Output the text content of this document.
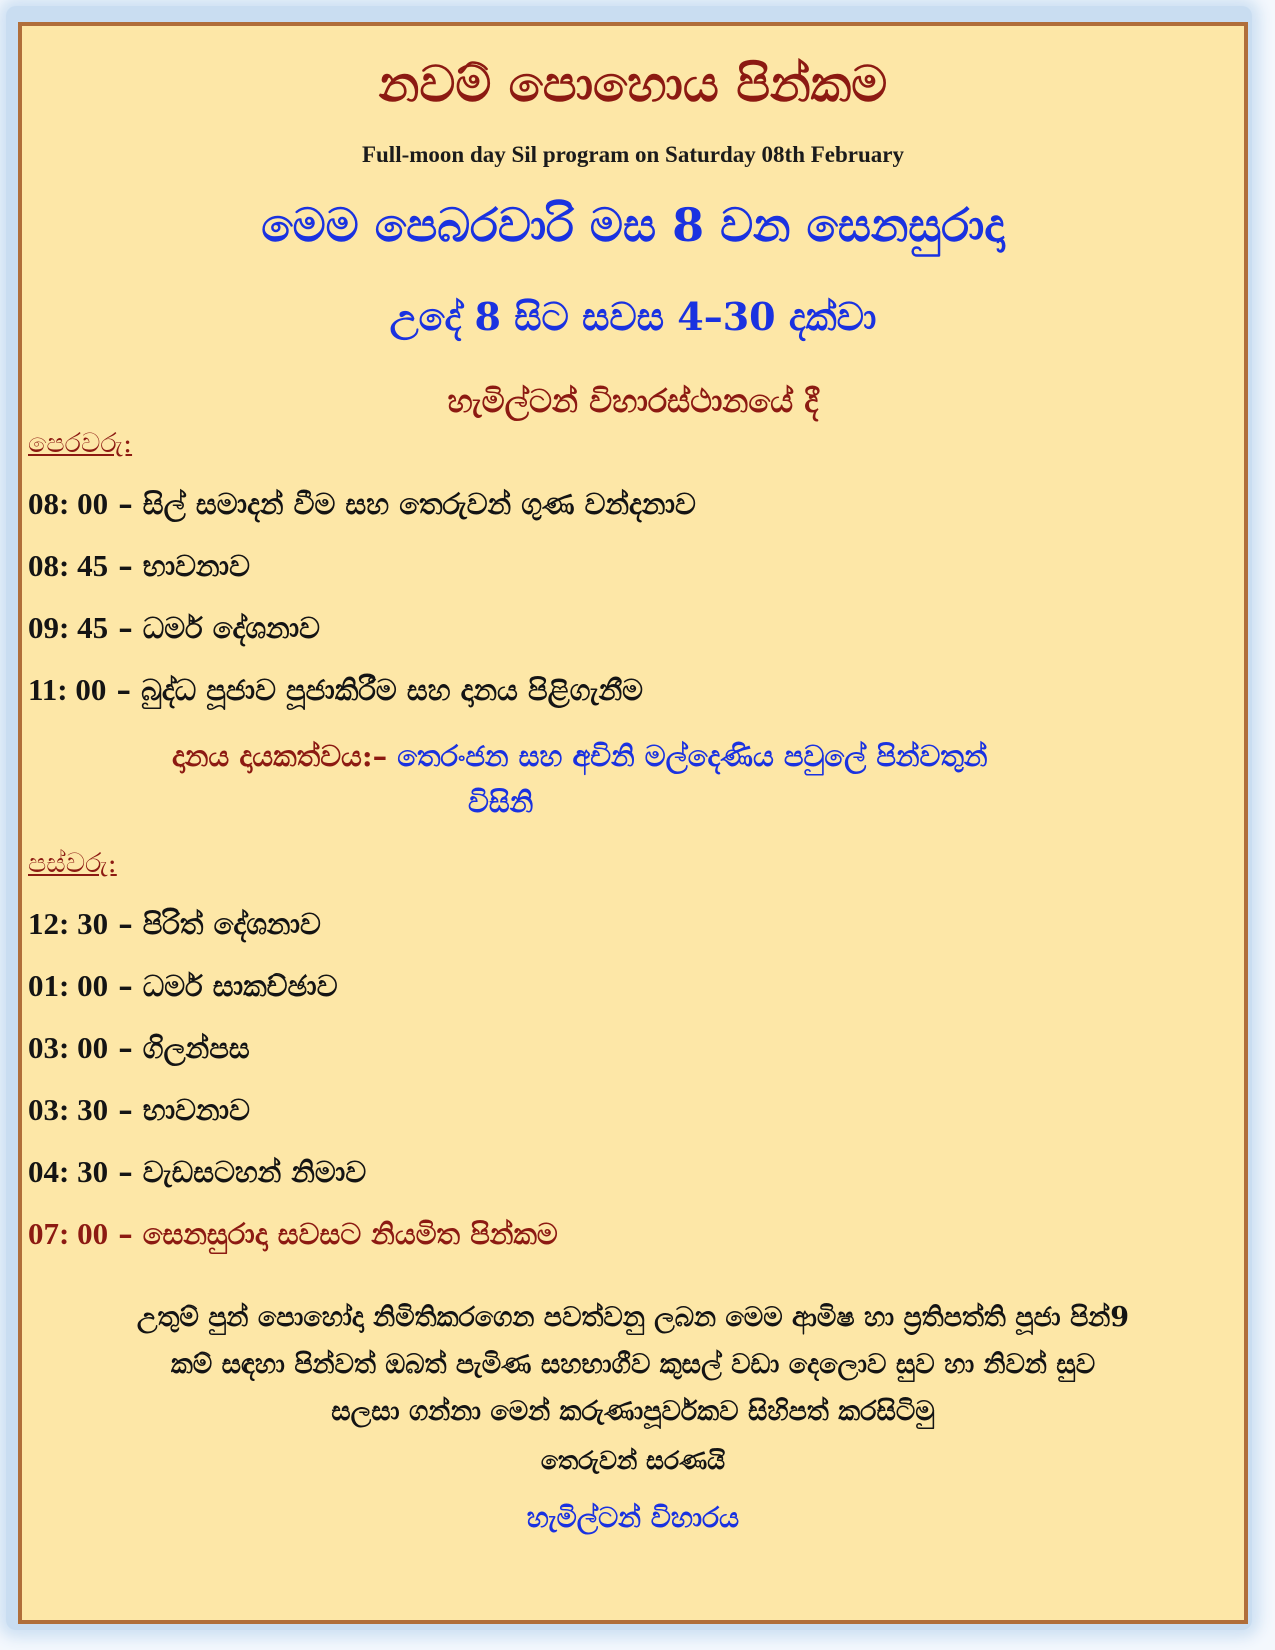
නවම් පොහොය පින්කම
Full-moon day Sil program on Saturday 08th February
මෙම පෙබරවාරි මස 8 වන සෙනසුරාදා
උදේ 8 සිට සවස 4–30 දක්වා
හැමිල්ටන් විහාරස්ථානයේ දී
පෙරවරු:
08: 00 – සිල් සමාදන් වීම සහ තෙරුවන් ගුණ වන්දනාව
08: 45 – භාවනාව
09: 45 – ධර්ම දේශනාව
11: 00 – බුද්ධ පූජාව පූජාකිරීම සහ දානය පිළිගැනීම
දානය දායකත්වය:– තෙරංජන සහ අචිනි මල්දෙණිය පවුලේ පින්වතුන්
විසිනි
පස්වරු:
12: 30 – පිරිත් දේශනාව
01: 00 – ධර්ම සාකච්ඡාව
03: 00 – ගිලන්පස
03: 30 – භාවනාව
04: 30 – වැඩසටහන් නිමාව
07: 00 – සෙනසුරාදා සවසට නියමිත පින්කම
උතුම් පුන් පොහෝදා නිමිතිකරගෙන පවත්වනු ලබන මෙම ආමිෂ හා ප්‍රතිපත්ති පූජා පින්9
කම් සඳහා පින්වත් ඔබත් පැමිණ සහභාගීව කුසල් වඩා දෙලොව සුව හා නිවන් සුව
සලසා ගන්නා මෙන් කරුණාපූර්වකව සිහිපත් කරසිටිමු
තෙරුවන් සරණයි
හැමිල්ටන් විහාරය
